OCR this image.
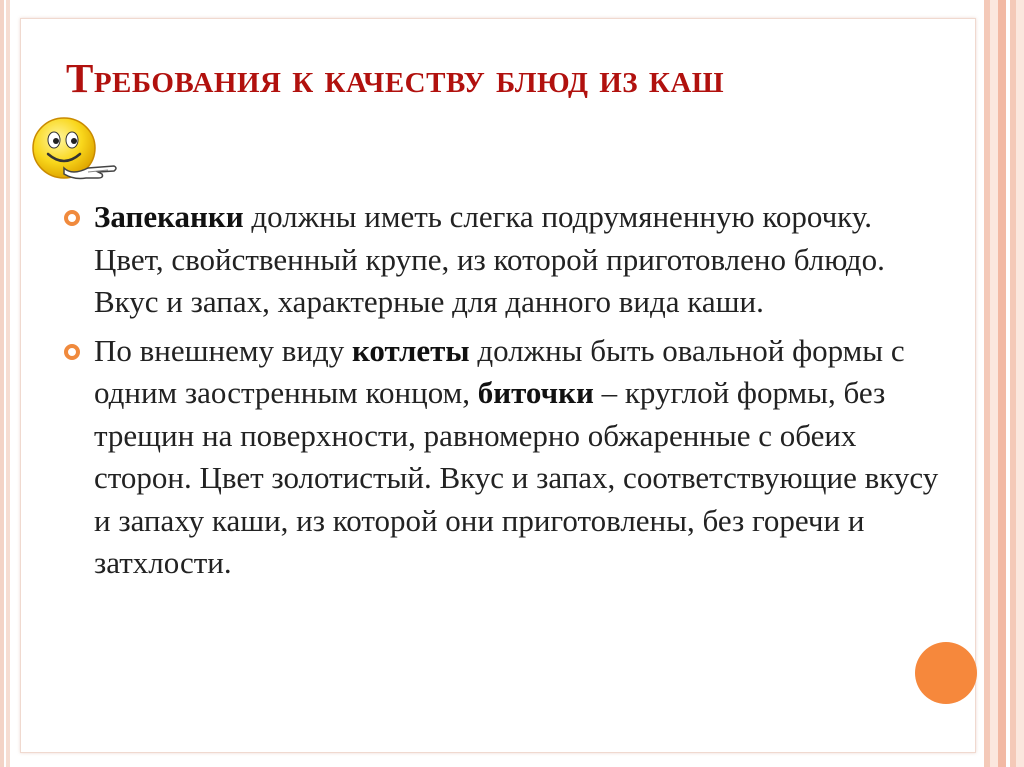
Требования к качеству блюд из каш
Запеканки должны иметь слегка подрумяненную корочку. Цвет, свойственный крупе, из которой приготовлено блюдо. Вкус и запах, характерные для данного вида каши.
По внешнему виду котлеты должны быть овальной формы с одним заостренным концом, биточки – круглой формы, без трещин на поверхности, равномерно обжаренные с обеих сторон. Цвет золотистый. Вкус и запах, соответствующие вкусу и запаху каши, из которой они приготовлены, без горечи и затхлости.
